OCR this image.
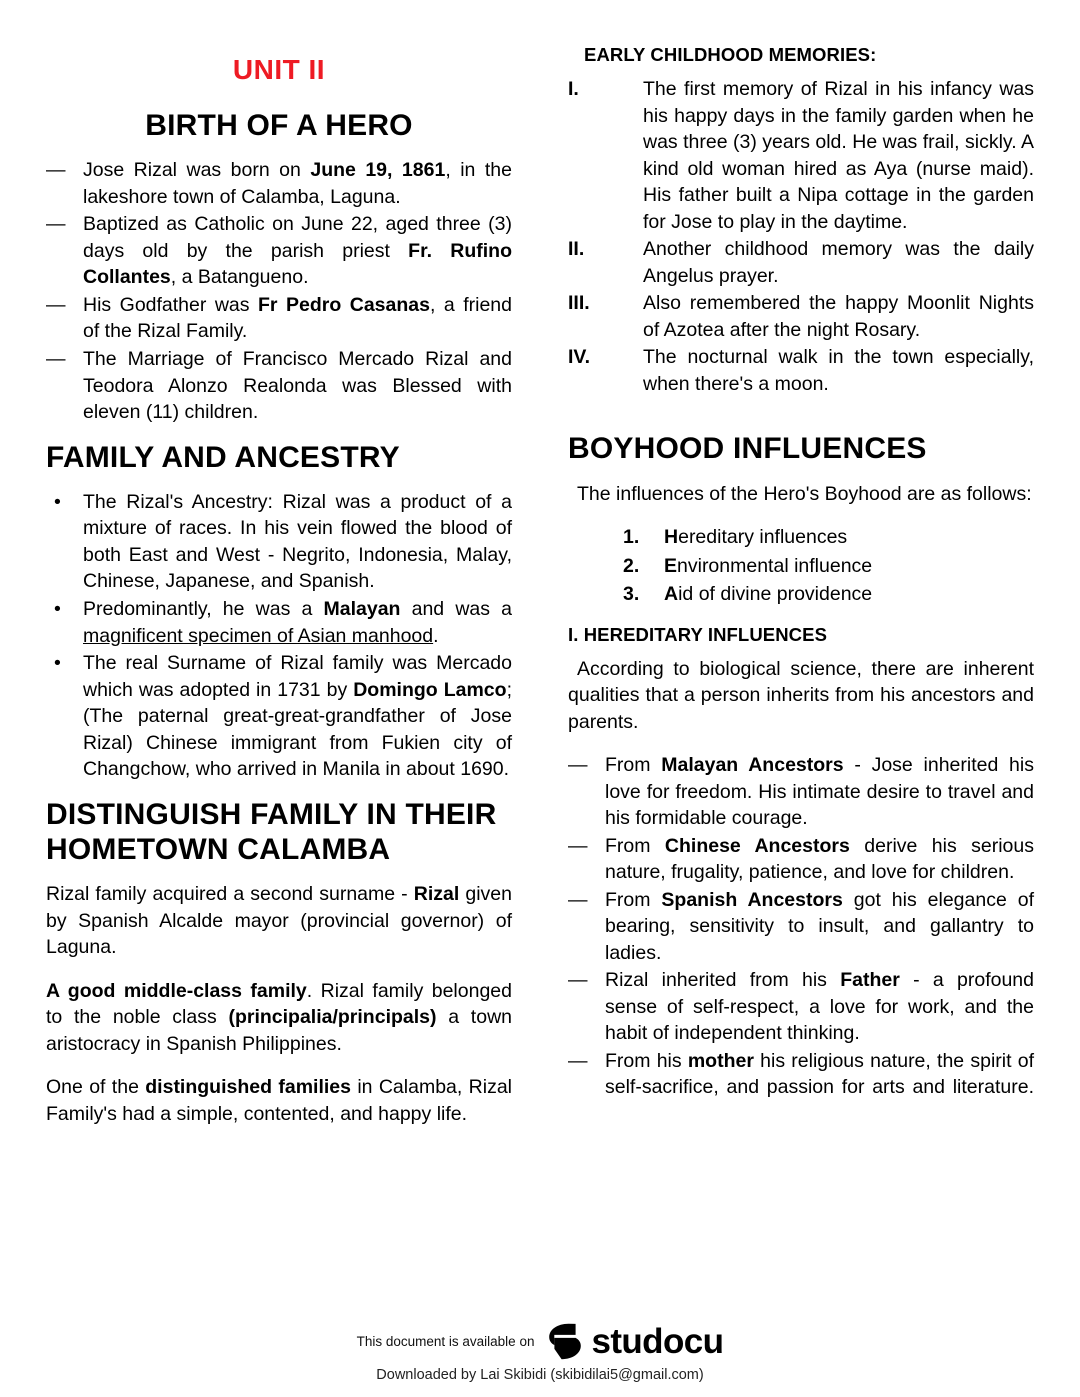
UNIT II
BIRTH OF A HERO
— Jose Rizal was born on June 19, 1861, in the lakeshore town of Calamba, Laguna.
— Baptized as Catholic on June 22, aged three (3) days old by the parish priest Fr. Rufino Collantes, a Batangueno.
— His Godfather was Fr Pedro Casanas, a friend of the Rizal Family.
— The Marriage of Francisco Mercado Rizal and Teodora Alonzo Realonda was Blessed with eleven (11) children.
FAMILY AND ANCESTRY
• The Rizal's Ancestry: Rizal was a product of a mixture of races. In his vein flowed the blood of both East and West - Negrito, Indonesia, Malay, Chinese, Japanese, and Spanish.
• Predominantly, he was a Malayan and was a magnificent specimen of Asian manhood.
• The real Surname of Rizal family was Mercado which was adopted in 1731 by Domingo Lamco; (The paternal great-great-grandfather of Jose Rizal) Chinese immigrant from Fukien city of Changchow, who arrived in Manila in about 1690.
DISTINGUISH FAMILY IN THEIR HOMETOWN CALAMBA

Rizal family acquired a second surname - Rizal given by Spanish Alcalde mayor (provincial governor) of Laguna.

A good middle-class family. Rizal family belonged to the noble class (principalia/principals) a town aristocracy in Spanish Philippines.

One of the distinguished families in Calamba, Rizal Family's had a simple, contented, and happy life.

EARLY CHILDHOOD MEMORIES:
I.	The first memory of Rizal in his infancy was his happy days in the family garden when he was three (3) years old. He was frail, sickly. A kind old woman hired as Aya (nurse maid). His father built a Nipa cottage in the garden for Jose to play in the daytime.
II.	Another childhood memory was the daily Angelus prayer.
III.	Also remembered the happy Moonlit Nights of Azotea after the night Rosary.
IV.	The nocturnal walk in the town especially, when there's a moon.
BOYHOOD INFLUENCES

The influences of the Hero's Boyhood are as follows:

1. Hereditary influences
2. Environmental influence
3. Aid of divine providence
I. HEREDITARY INFLUENCES

According to biological science, there are inherent qualities that a person inherits from his ancestors and parents.

— From Malayan Ancestors - Jose inherited his love for freedom. His intimate desire to travel and his formidable courage.
— From Chinese Ancestors derive his serious nature, frugality, patience, and love for children.
— From Spanish Ancestors got his elegance of bearing, sensitivity to insult, and gallantry to ladies.
— Rizal inherited from his Father - a profound sense of self-respect, a love for work, and the habit of independent thinking.
— From his mother his religious nature, the spirit of self-sacrifice, and passion for arts and literature.
This document is available on studocu
Downloaded by Lai Skibidi (skibidilai5@gmail.com)
